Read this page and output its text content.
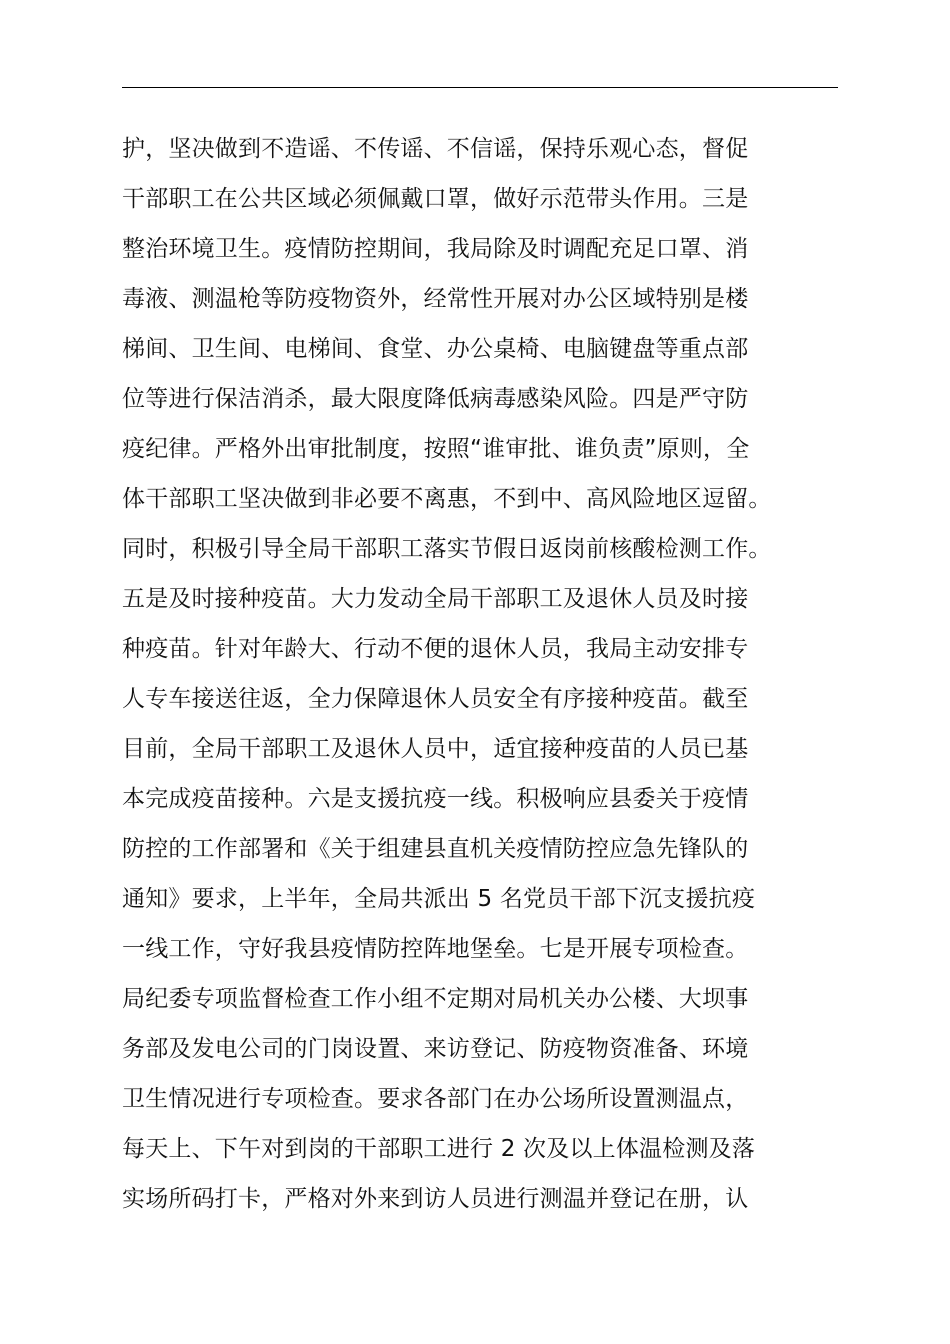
护，坚决做到不造谣、不传谣、不信谣，保持乐观心态，督促
干部职工在公共区域必须佩戴口罩，做好示范带头作用。三是
整治环境卫生。疫情防控期间，我局除及时调配充足口罩、消
毒液、测温枪等防疫物资外，经常性开展对办公区域特别是楼
梯间、卫生间、电梯间、食堂、办公桌椅、电脑键盘等重点部
位等进行保洁消杀，最大限度降低病毒感染风险。四是严守防
疫纪律。严格外出审批制度，按照“谁审批、谁负责”原则，全
体干部职工坚决做到非必要不离惠，不到中、高风险地区逗留。
同时，积极引导全局干部职工落实节假日返岗前核酸检测工作。
五是及时接种疫苗。大力发动全局干部职工及退休人员及时接
种疫苗。针对年龄大、行动不便的退休人员，我局主动安排专
人专车接送往返，全力保障退休人员安全有序接种疫苗。截至
目前，全局干部职工及退休人员中，适宜接种疫苗的人员已基
本完成疫苗接种。六是支援抗疫一线。积极响应县委关于疫情
防控的工作部署和《关于组建县直机关疫情防控应急先锋队的
通知》要求，上半年，全局共派出 5 名党员干部下沉支援抗疫
一线工作，守好我县疫情防控阵地堡垒。七是开展专项检查。
局纪委专项监督检查工作小组不定期对局机关办公楼、大坝事
务部及发电公司的门岗设置、来访登记、防疫物资准备、环境
卫生情况进行专项检查。要求各部门在办公场所设置测温点，
每天上、下午对到岗的干部职工进行 2 次及以上体温检测及落
实场所码打卡，严格对外来到访人员进行测温并登记在册，认
